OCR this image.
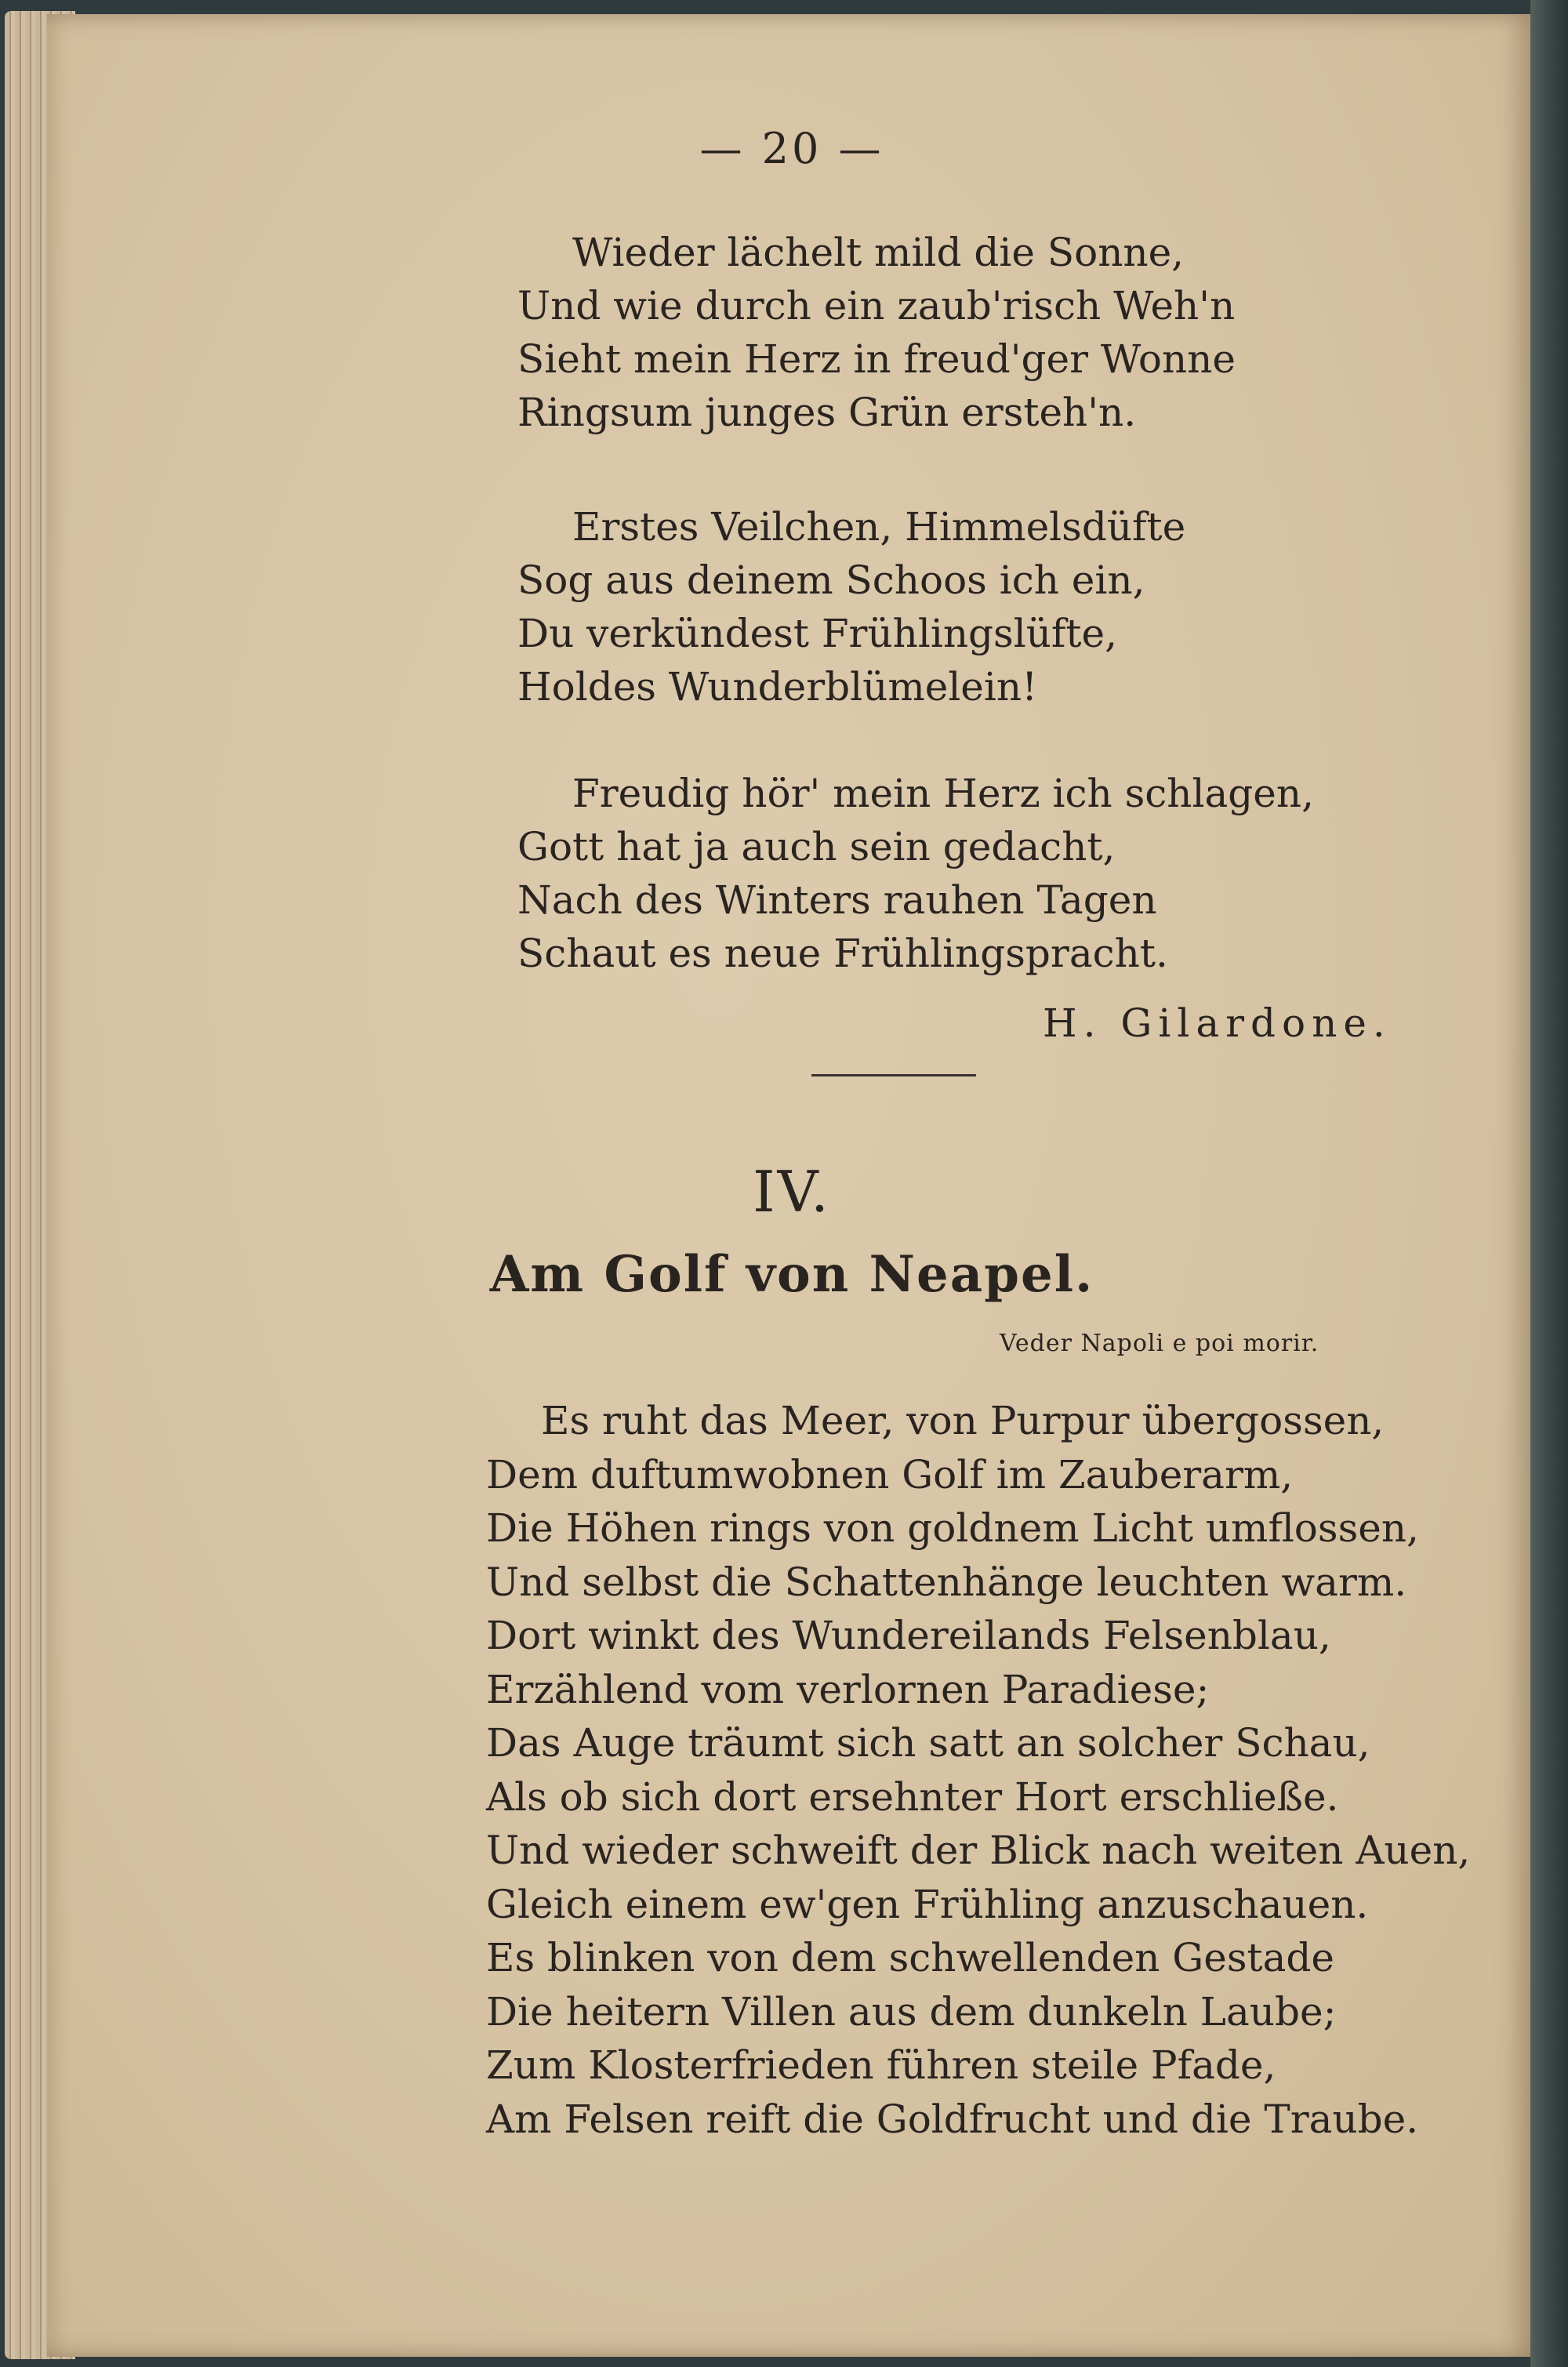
— 20 —
Wieder lächelt mild die Sonne,
Und wie durch ein zaub'risch Weh'n
Sieht mein Herz in freud'ger Wonne
Ringsum junges Grün ersteh'n.
Erstes Veilchen, Himmelsdüfte
Sog aus deinem Schoos ich ein,
Du verkündest Frühlingslüfte,
Holdes Wunderblümelein!
Freudig hör' mein Herz ich schlagen,
Gott hat ja auch sein gedacht,
Nach des Winters rauhen Tagen
Schaut es neue Frühlingspracht.
H. Gilardone.
IV.
Am Golf von Neapel.
Veder Napoli e poi morir.
Es ruht das Meer, von Purpur übergossen,
Dem duftumwobnen Golf im Zauberarm,
Die Höhen rings von goldnem Licht umflossen,
Und selbst die Schattenhänge leuchten warm.
Dort winkt des Wundereilands Felsenblau,
Erzählend vom verlornen Paradiese;
Das Auge träumt sich satt an solcher Schau,
Als ob sich dort ersehnter Hort erschließe.
Und wieder schweift der Blick nach weiten Auen,
Gleich einem ew'gen Frühling anzuschauen.
Es blinken von dem schwellenden Gestade
Die heitern Villen aus dem dunkeln Laube;
Zum Klosterfrieden führen steile Pfade,
Am Felsen reift die Goldfrucht und die Traube.
